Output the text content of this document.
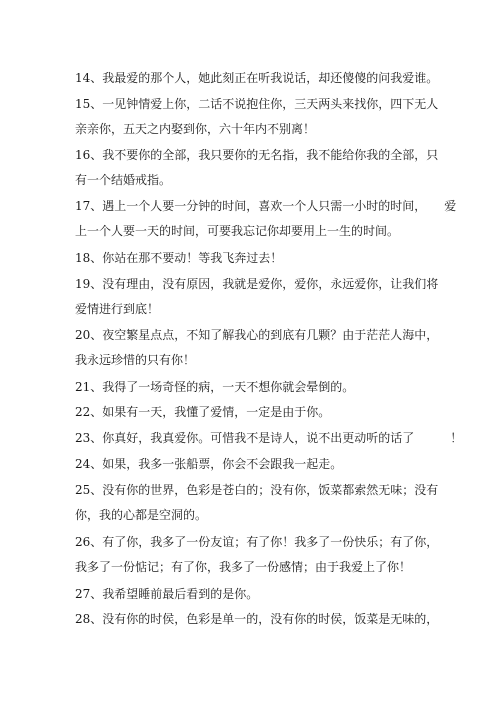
14、我最爱的那个人，她此刻正在听我说话，却还傻傻的问我爱谁。
15、一见钟情爱上你，二话不说抱住你，三天两头来找你，四下无人
亲亲你，五天之内娶到你，六十年内不别离！
16、我不要你的全部，我只要你的无名指，我不能给你我的全部，只
有一个结婚戒指。
17、遇上一个人要一分钟的时间，喜欢一个人只需一小时的时间，　　爱
上一个人要一天的时间，可要我忘记你却要用上一生的时间。
18、你站在那不要动！等我飞奔过去！
19、没有理由，没有原因，我就是爱你，爱你，永远爱你，让我们将
爱情进行到底！
20、夜空繁星点点，不知了解我心的到底有几颗？由于茫茫人海中，
我永远珍惜的只有你！
21、我得了一场奇怪的病，一天不想你就会晕倒的。
22、如果有一天，我懂了爱情，一定是由于你。
23、你真好，我真爱你。可惜我不是诗人，说不出更动听的话了　　　！
24、如果，我多一张船票，你会不会跟我一起走。
25、没有你的世界，色彩是苍白的；没有你，饭菜都索然无味；没有
你，我的心都是空洞的。
26、有了你，我多了一份友谊；有了你！我多了一份快乐；有了你，
我多了一份惦记；有了你，我多了一份感情；由于我爱上了你！
27、我希望睡前最后看到的是你。
28、没有你的时侯，色彩是单一的，没有你的时侯，饭菜是无味的，
